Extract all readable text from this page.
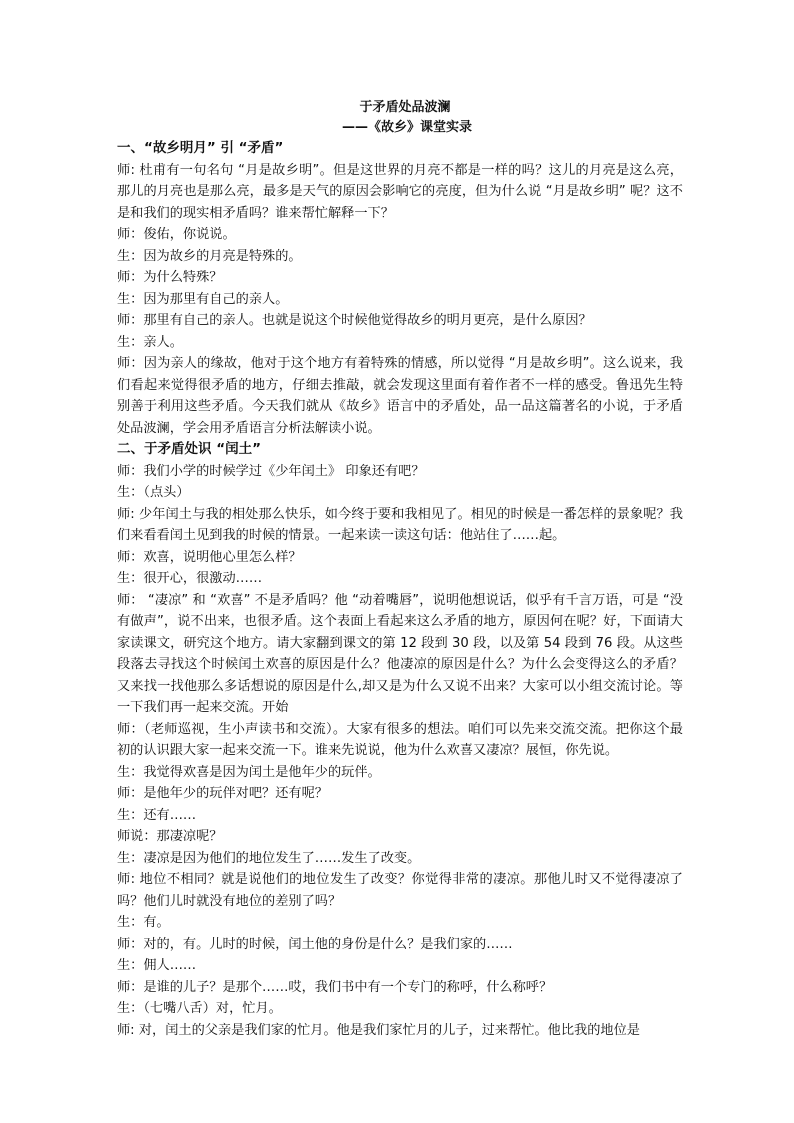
于矛盾处品波澜

——《故乡》课堂实录

一、“故乡明月” 引 “矛盾”

师: 杜甫有一句名句 “月是故乡明”。但是这世界的月亮不都是一样的吗？这儿的月亮是这么亮，那儿的月亮也是那么亮，最多是天气的原因会影响它的亮度，但为什么说 “月是故乡明” 呢？这不是和我们的现实相矛盾吗？谁来帮忙解释一下？

师：俊佑，你说说。

生：因为故乡的月亮是特殊的。

师：为什么特殊？

生：因为那里有自己的亲人。

师：那里有自己的亲人。也就是说这个时候他觉得故乡的明月更亮，是什么原因？

生：亲人。

师：因为亲人的缘故，他对于这个地方有着特殊的情感，所以觉得 “月是故乡明”。这么说来，我们看起来觉得很矛盾的地方，仔细去推敲，就会发现这里面有着作者不一样的感受。鲁迅先生特别善于利用这些矛盾。今天我们就从《故乡》语言中的矛盾处，品一品这篇著名的小说，于矛盾处品波澜，学会用矛盾语言分析法解读小说。

二、于矛盾处识 “闰土”

师：我们小学的时候学过《少年闰土》 印象还有吧？

生：（点头）

师: 少年闰土与我的相处那么快乐，如今终于要和我相见了。相见的时候是一番怎样的景象呢？我们来看看闰土见到我的时候的情景。一起来读一读这句话：他站住了……起。

师：欢喜，说明他心里怎么样？

生：很开心，很激动……

师： “凄凉” 和 “欢喜” 不是矛盾吗？他 “动着嘴唇”，说明他想说话，似乎有千言万语，可是 “没有做声”，说不出来，也很矛盾。这个表面上看起来这么矛盾的地方，原因何在呢？好，下面请大家读课文，研究这个地方。请大家翻到课文的第 12 段到 30 段，以及第 54 段到 76 段。从这些段落去寻找这个时候闰土欢喜的原因是什么？他凄凉的原因是什么？为什么会变得这么的矛盾？又来找一找他那么多话想说的原因是什么,却又是为什么又说不出来？大家可以小组交流讨论。等一下我们再一起来交流。开始

师：（老师巡视，生小声读书和交流）。大家有很多的想法。咱们可以先来交流交流。把你这个最初的认识跟大家一起来交流一下。谁来先说说，他为什么欢喜又凄凉？展恒，你先说。

生：我觉得欢喜是因为闰土是他年少的玩伴。

师：是他年少的玩伴对吧？还有呢？

生：还有……

师说：那凄凉呢？

生：凄凉是因为他们的地位发生了……发生了改变。

师: 地位不相同？就是说他们的地位发生了改变？你觉得非常的凄凉。那他儿时又不觉得凄凉了吗？他们儿时就没有地位的差别了吗？

生：有。

师：对的，有。儿时的时候，闰土他的身份是什么？是我们家的……

生：佣人……

师：是谁的儿子？是那个……哎，我们书中有一个专门的称呼，什么称呼？

生：（七嘴八舌）对，忙月。

师: 对，闰土的父亲是我们家的忙月。他是我们家忙月的儿子，过来帮忙。他比我的地位是
